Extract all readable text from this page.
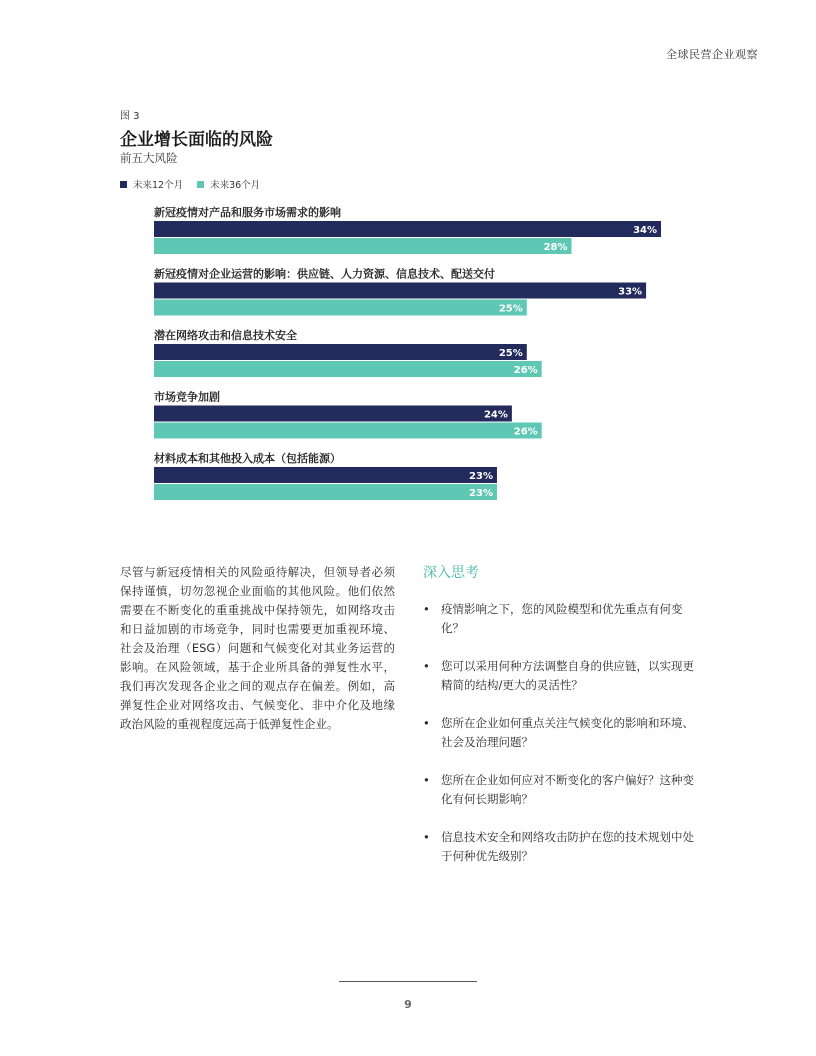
全球民营企业观察
图 3
企业增长面临的风险
前五大风险
未来12个月	未来36个月
新冠疫情对产品和服务市场需求的影响
34%
28%
新冠疫情对企业运营的影响：供应链、人力资源、信息技术、配送交付
33%
25%
潜在网络攻击和信息技术安全
25%
26%
市场竞争加剧
24%
26%
材料成本和其他投入成本（包括能源）
23%
23%

尽管与新冠疫情相关的风险亟待解决，但领导者必须保持谨慎，切勿忽视企业面临的其他风险。他们依然需要在不断变化的重重挑战中保持领先，如网络攻击和日益加剧的市场竞争，同时也需要更加重视环境、社会及治理（ESG）问题和气候变化对其业务运营的影响。在风险领域，基于企业所具备的弹复性水平，我们再次发现各企业之间的观点存在偏差。例如，高弹复性企业对网络攻击、气候变化、非中介化及地缘政治风险的重视程度远高于低弹复性企业。

深入思考
• 疫情影响之下，您的风险模型和优先重点有何变化？
• 您可以采用何种方法调整自身的供应链，以实现更精简的结构/更大的灵活性？
• 您所在企业如何重点关注气候变化的影响和环境、社会及治理问题？
• 您所在企业如何应对不断变化的客户偏好？这种变化有何长期影响？
• 信息技术安全和网络攻击防护在您的技术规划中处于何种优先级别？
9
